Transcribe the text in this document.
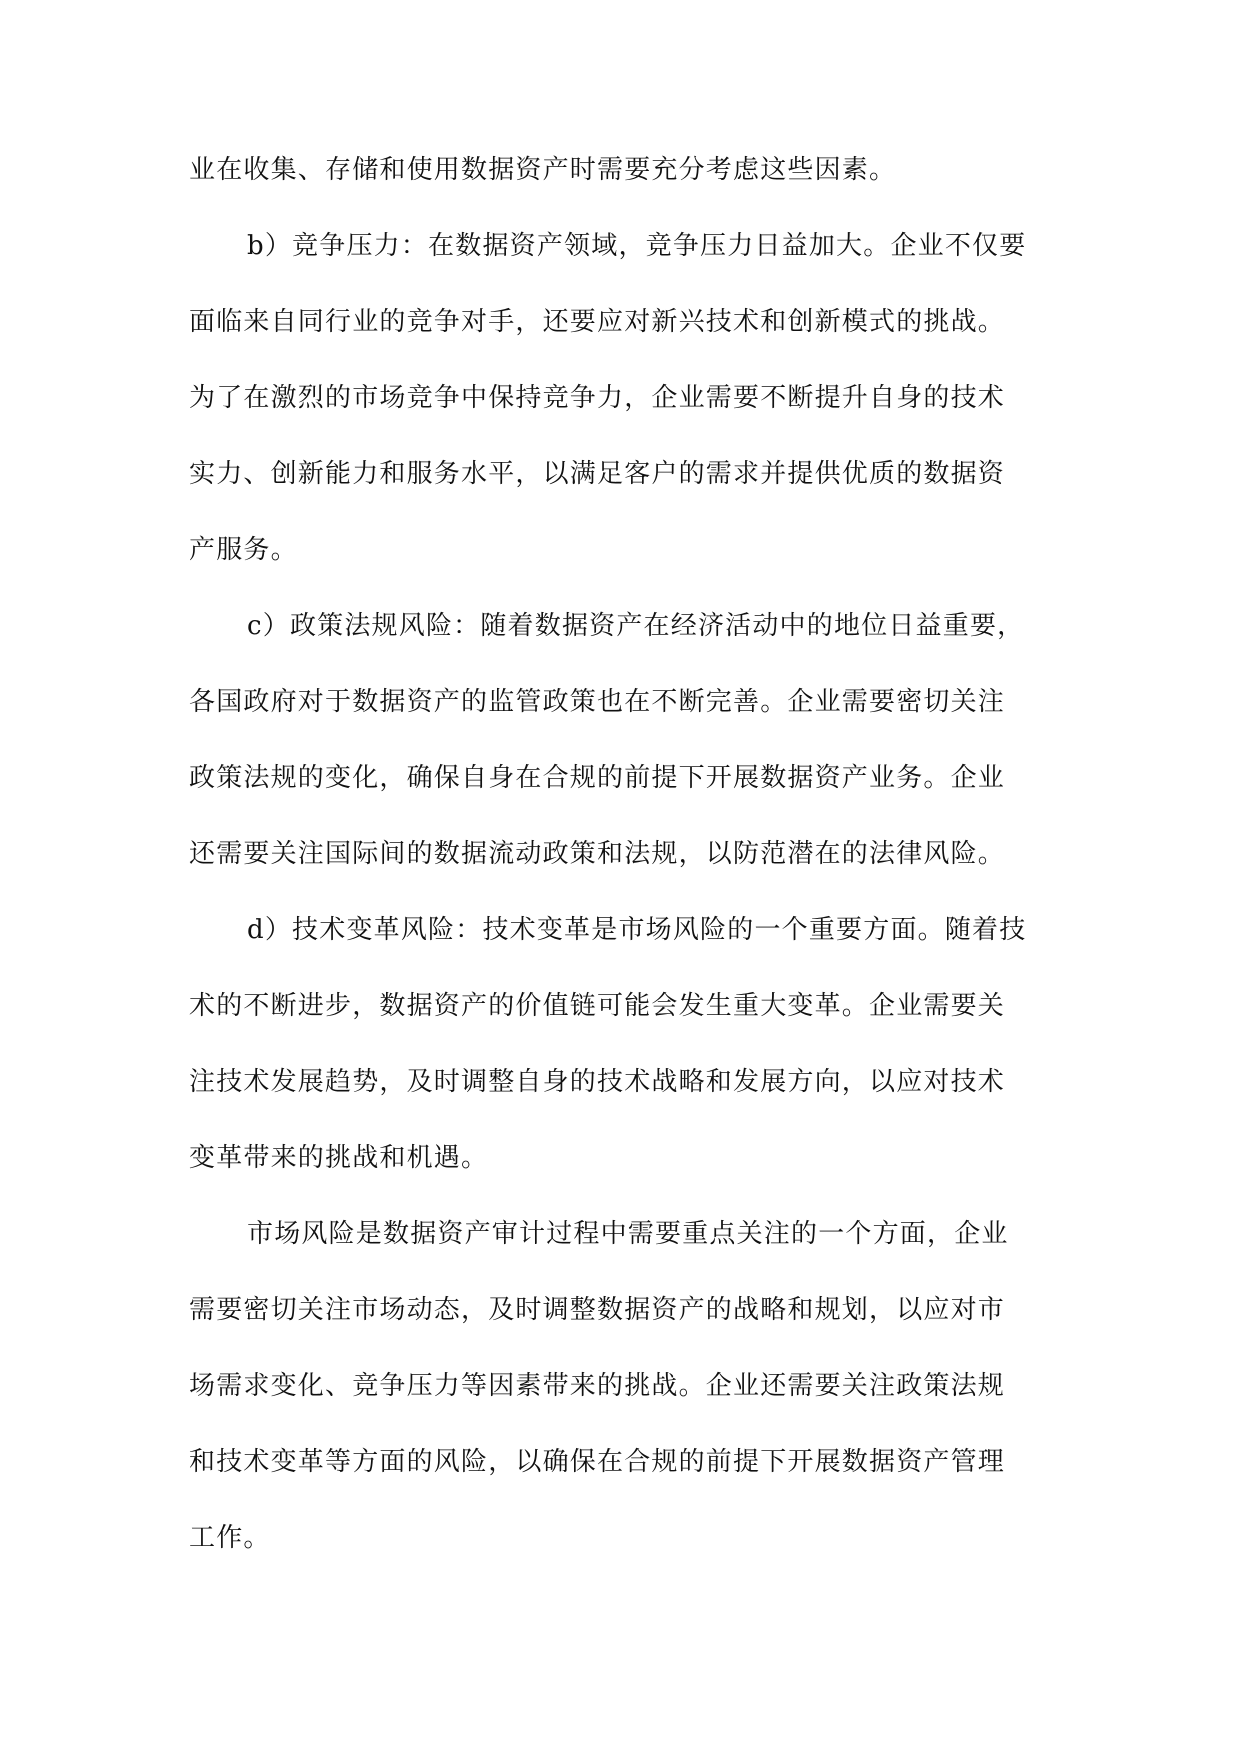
业在收集、存储和使用数据资产时需要充分考虑这些因素。
b）竞争压力：在数据资产领域，竞争压力日益加大。企业不仅要
面临来自同行业的竞争对手，还要应对新兴技术和创新模式的挑战。
为了在激烈的市场竞争中保持竞争力，企业需要不断提升自身的技术
实力、创新能力和服务水平，以满足客户的需求并提供优质的数据资
产服务。
c）政策法规风险：随着数据资产在经济活动中的地位日益重要，
各国政府对于数据资产的监管政策也在不断完善。企业需要密切关注
政策法规的变化，确保自身在合规的前提下开展数据资产业务。企业
还需要关注国际间的数据流动政策和法规，以防范潜在的法律风险。
d）技术变革风险：技术变革是市场风险的一个重要方面。随着技
术的不断进步，数据资产的价值链可能会发生重大变革。企业需要关
注技术发展趋势，及时调整自身的技术战略和发展方向，以应对技术
变革带来的挑战和机遇。
市场风险是数据资产审计过程中需要重点关注的一个方面，企业
需要密切关注市场动态，及时调整数据资产的战略和规划，以应对市
场需求变化、竞争压力等因素带来的挑战。企业还需要关注政策法规
和技术变革等方面的风险，以确保在合规的前提下开展数据资产管理
工作。
